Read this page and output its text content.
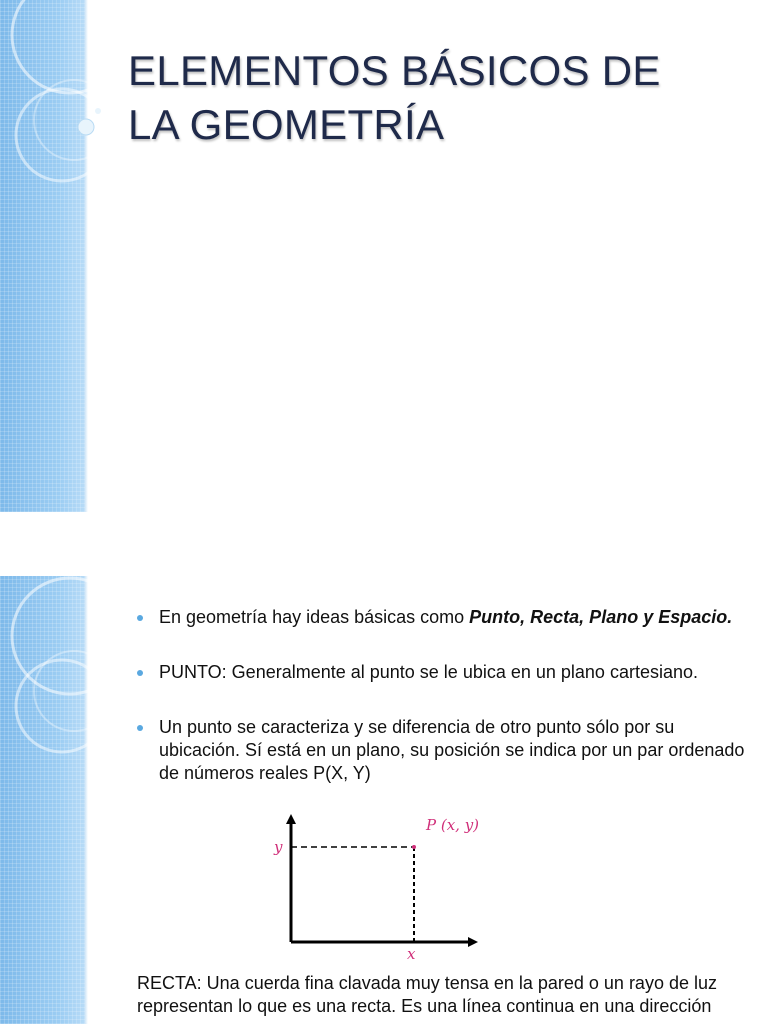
ELEMENTOS BÁSICOS DE
LA GEOMETRÍA
En geometría hay ideas básicas como Punto, Recta, Plano y Espacio.
PUNTO: Generalmente al punto se le ubica en un plano cartesiano.
Un punto se caracteriza y se diferencia de otro punto sólo por su ubicación. Sí está en un plano, su posición se indica por un par ordenado de números reales P(X, Y)
P (x, y)
y
x

RECTA: Una cuerda fina clavada muy tensa en la pared o un rayo de luz representan lo que es una recta. Es una línea continua en una dirección
